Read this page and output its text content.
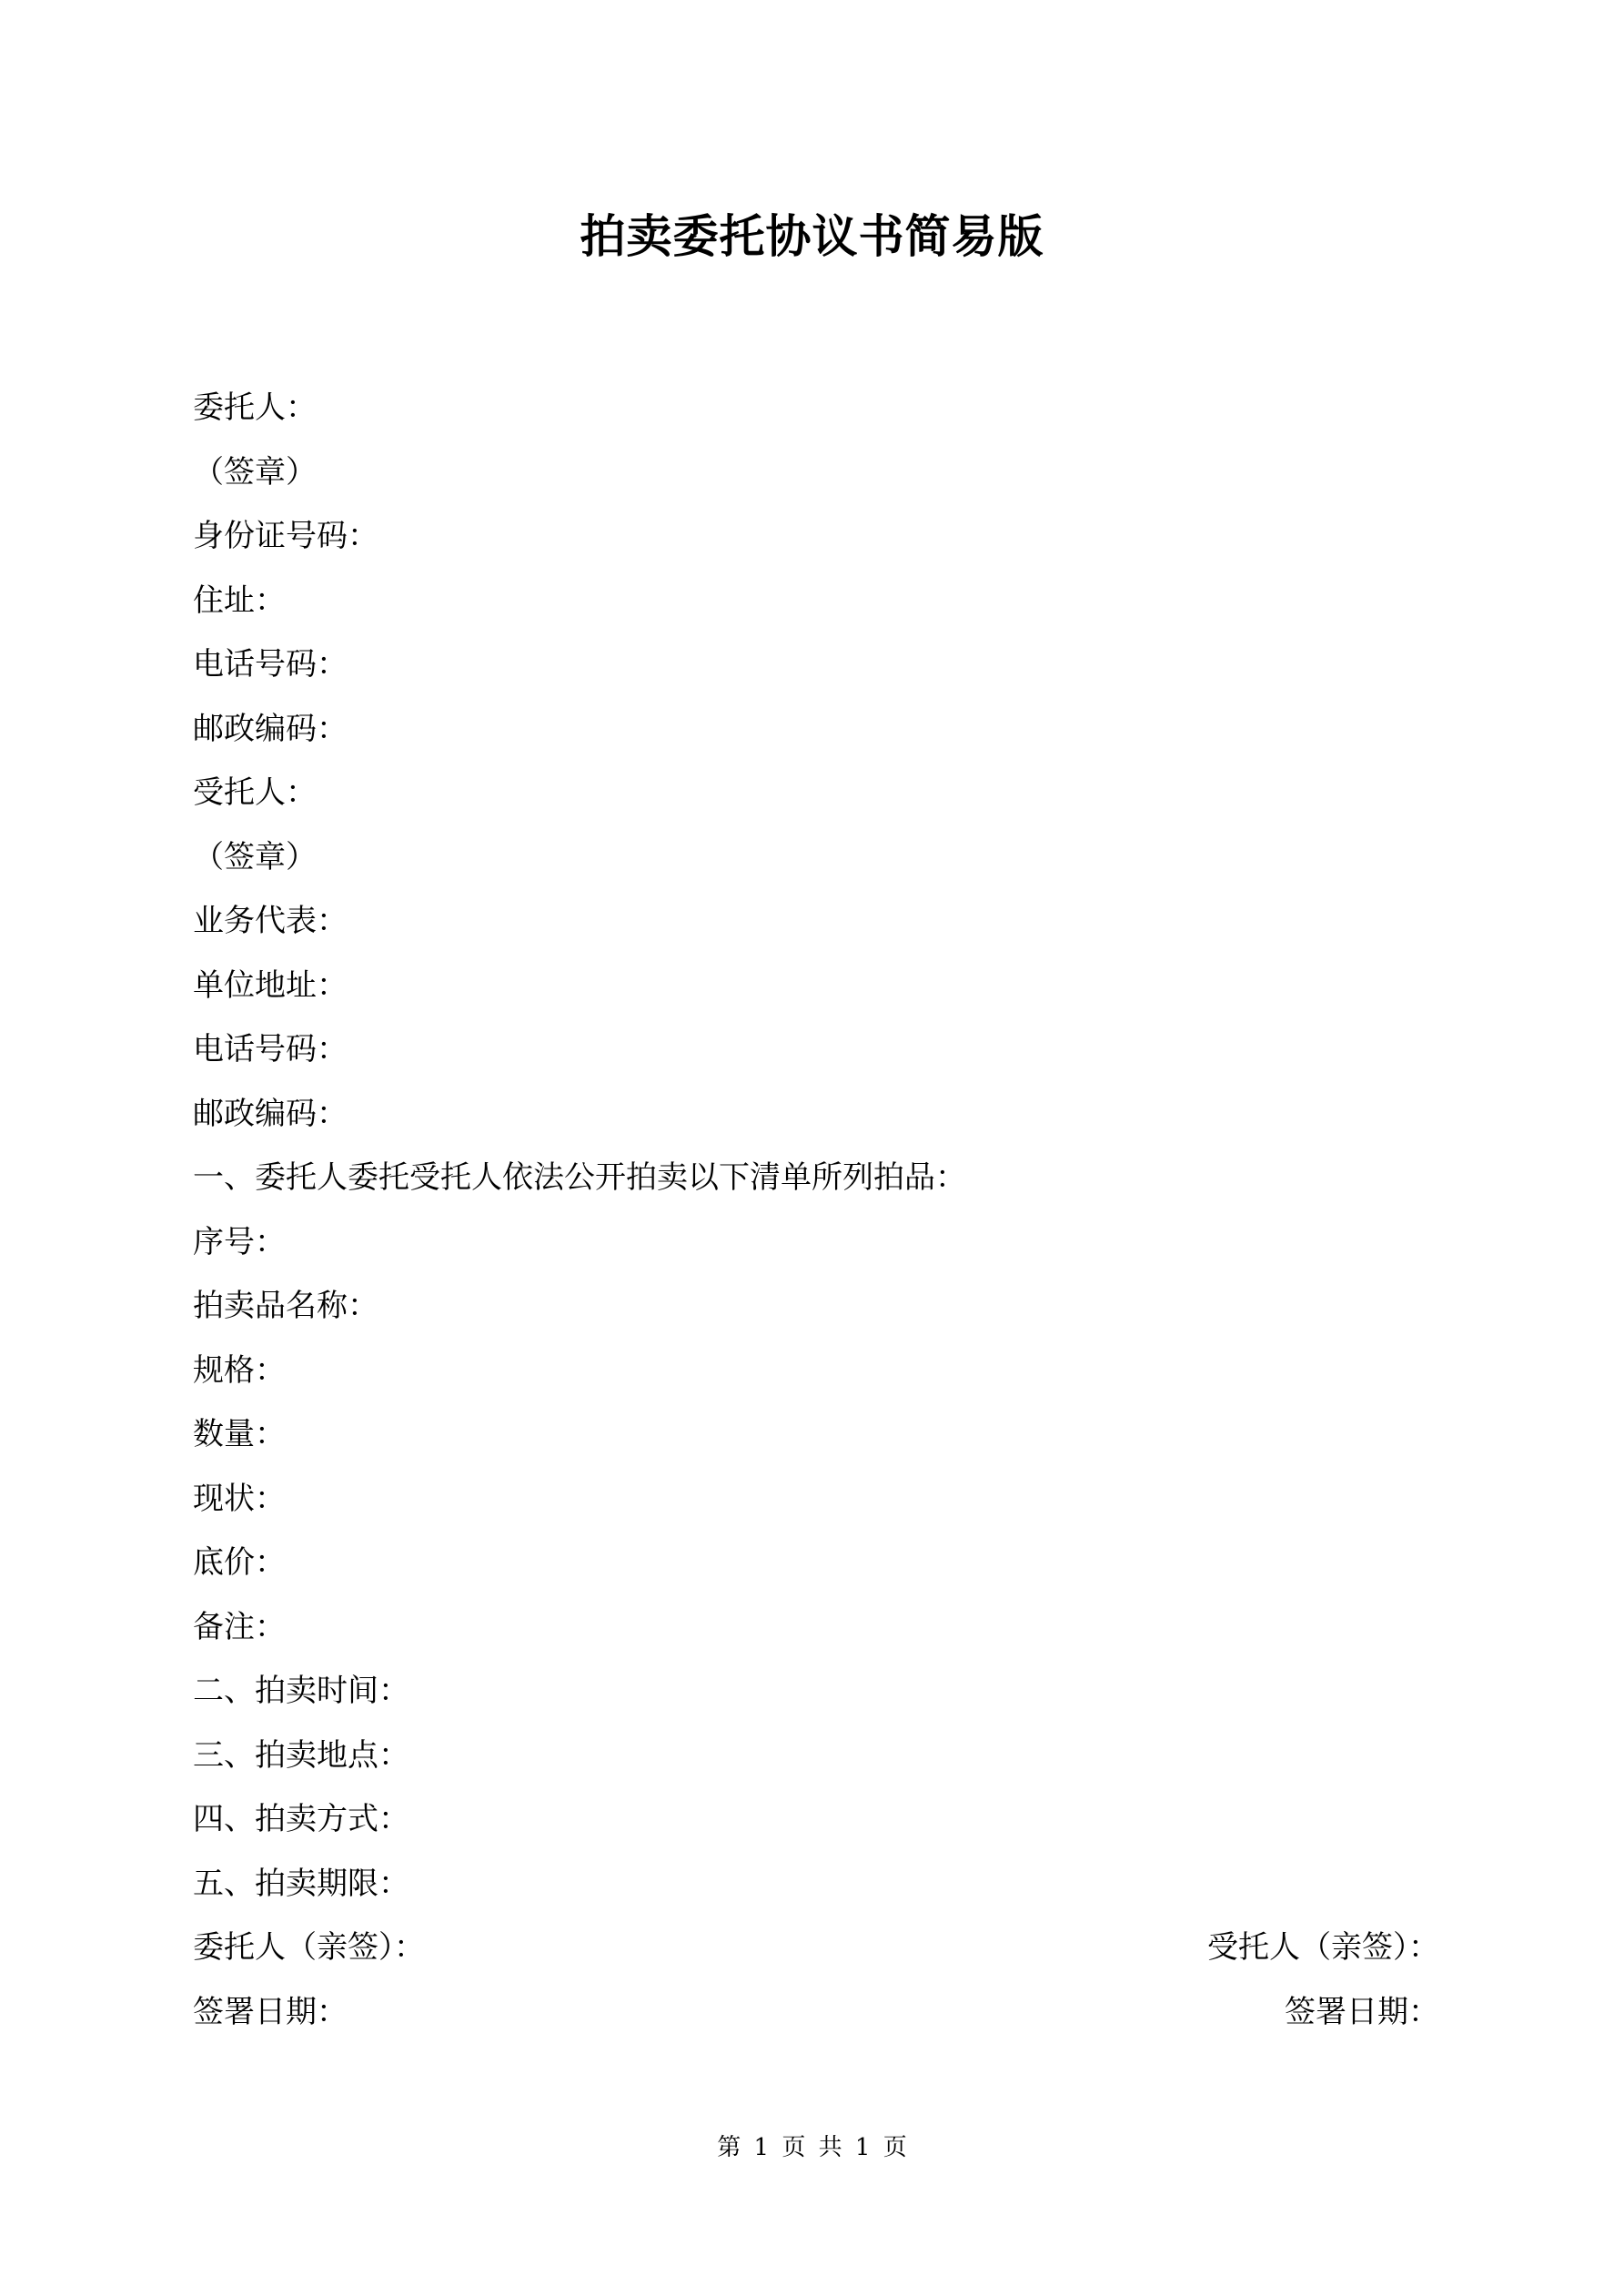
拍卖委托协议书简易版
委托人：
（签章）
身份证号码：
住址：
电话号码：
邮政编码：
受托人：
（签章）
业务代表：
单位地址：
电话号码：
邮政编码：
一、委托人委托受托人依法公开拍卖以下清单所列拍品：
序号：
拍卖品名称：
规格：
数量：
现状：
底价：
备注：
二、拍卖时间：
三、拍卖地点：
四、拍卖方式：
五、拍卖期限：
委托人（亲签）：	受托人（亲签）：
签署日期：	签署日期：
第 1 页 共 1 页
